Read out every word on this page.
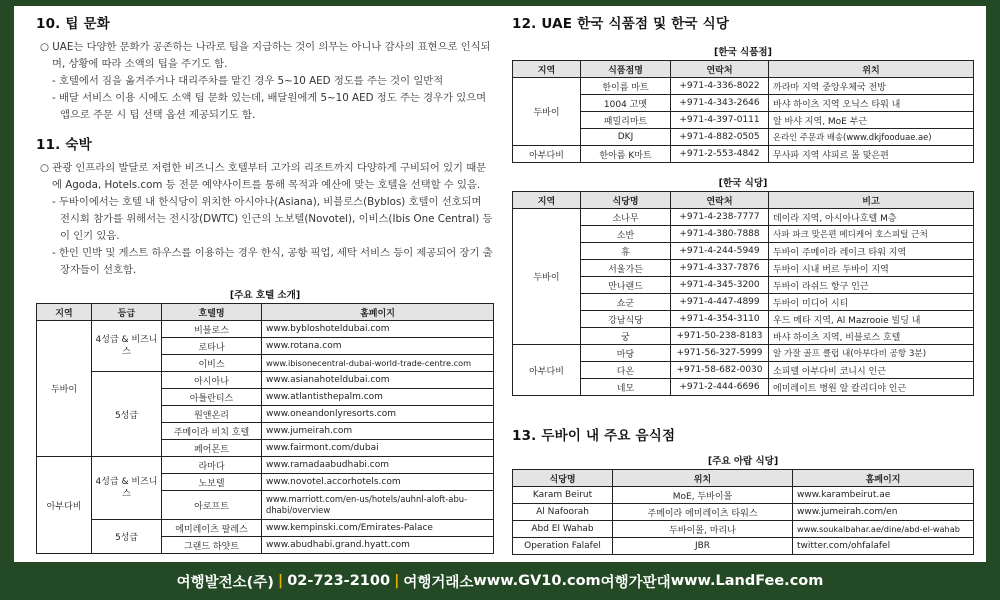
10. 팁 문화
○ UAE는 다양한 문화가 공존하는 나라로 팁을 지급하는 것이 의무는 아니나 감사의 표현으로 인식되며, 상황에 따라 소액의 팁을 주기도 함.
- 호텔에서 짐을 옮겨주거나 대리주차를 맡긴 경우 5~10 AED 정도를 주는 것이 일반적
- 배달 서비스 이용 시에도 소액 팁 문화 있는데, 배달원에게 5~10 AED 정도 주는 경우가 있으며 앱으로 주문 시 팁 선택 옵션 제공되기도 함.
11. 숙박
○ 관광 인프라의 발달로 저렴한 비즈니스 호텔부터 고가의 리조트까지 다양하게 구비되어 있기 때문에 Agoda, Hotels.com 등 전문 예약사이트를 통해 목적과 예산에 맞는 호텔을 선택할 수 있음.
- 두바이에서는 호텔 내 한식당이 위치한 아시아나(Asiana), 비블로스(Byblos) 호텔이 선호되며 전시회 참가를 위해서는 전시장(DWTC) 인근의 노보텔(Novotel), 이비스(Ibis One Central) 등이 인기 있음.
- 한인 민박 및 게스트 하우스를 이용하는 경우 한식, 공항 픽업, 세탁 서비스 등이 제공되어 장기 출장자들이 선호함.
[주요 호텔 소개]
지역	등급	호텔명	홈페이지
두바이	4성급 & 비즈니스	비블로스	www.bybloshoteldubai.com
		로타나	www.rotana.com
		이비스	www.ibisonecentral-dubai-world-trade-centre.com
	5성급	아시아나	www.asianahoteldubai.com
		아틀란티스	www.atlantisthepalm.com
		원앤온리	www.oneandonlyresorts.com
		주메이라 비치 호텔	www.jumeirah.com
		페어몬트	www.fairmont.com/dubai
아부다비	4성급 & 비즈니스	라마다	www.ramadaabudhabi.com
		노보텔	www.novotel.accorhotels.com
		아로프트	www.marriott.com/en-us/hotels/auhnl-aloft-abu-dhabi/overview
	5성급	에미레이츠 팔레스	www.kempinski.com/Emirates-Palace
		그랜드 하얏트	www.abudhabi.grand.hyatt.com
12. UAE 한국 식품점 및 한국 식당
[한국 식품점]
지역	식품점명	연락처	위치
두바이	한이름 마트	+971-4-336-8022	까라마 지역 중앙우체국 전방
	1004 고멧	+971-4-343-2646	바샤 하이츠 지역 오닉스 타워 내
	패밀리마트	+971-4-397-0111	알 바샤 지역, MoE 부근
	DKJ	+971-4-882-0505	온라인 주문과 배송(www.dkjfooduae.ae)
아부다비	한아름 K마트	+971-2-553-4842	무사파 지역 샤피르 몰 맞은편
[한국 식당]
지역	식당명	연락처	비고
두바이	소나무	+971-4-238-7777	데이라 지역, 아시아나호텔 M층
	소반	+971-4-380-7888	사파 파크 맞은편 메디케어 호스피털 근처
	휴	+971-4-244-5949	두바이 주메이라 레이크 타워 지역
	서울가든	+971-4-337-7876	두바이 시내 버르 두바이 지역
	만나랜드	+971-4-345-3200	두바이 라쉬드 항구 인근
	쇼군	+971-4-447-4899	두바이 미디어 시티
	강남식당	+971-4-354-3110	우드 메타 지역, Al Mazrooie 빌딩 내
	궁	+971-50-238-8183	바샤 하이츠 지역, 비블로스 호텔
아부다비	마당	+971-56-327-5999	알 가잘 골프 클럽 내(아부다비 공항 3분)
	다온	+971-58-682-0030	소피텔 아부다비 코니시 인근
	네모	+971-2-444-6696	에미레이트 병원 알 칼리디야 인근
13. 두바이 내 주요 음식점
[주요 아랍 식당]
식당명	위치	홈페이지
Karam Beirut	MoE, 두바이몰	www.karambeirut.ae
Al Nafoorah	주메이라 에미레이츠 타워스	www.jumeirah.com/en
Abd El Wahab	두바이몰, 마리나	www.soukalbahar.ae/dine/abd-el-wahab
Operation Falafel	JBR	twitter.com/ohfalafel
여행발전소(주) | 02-723-2100 | 여행거래소 www.GV10.com 여행가판대 www.LandFee.com
